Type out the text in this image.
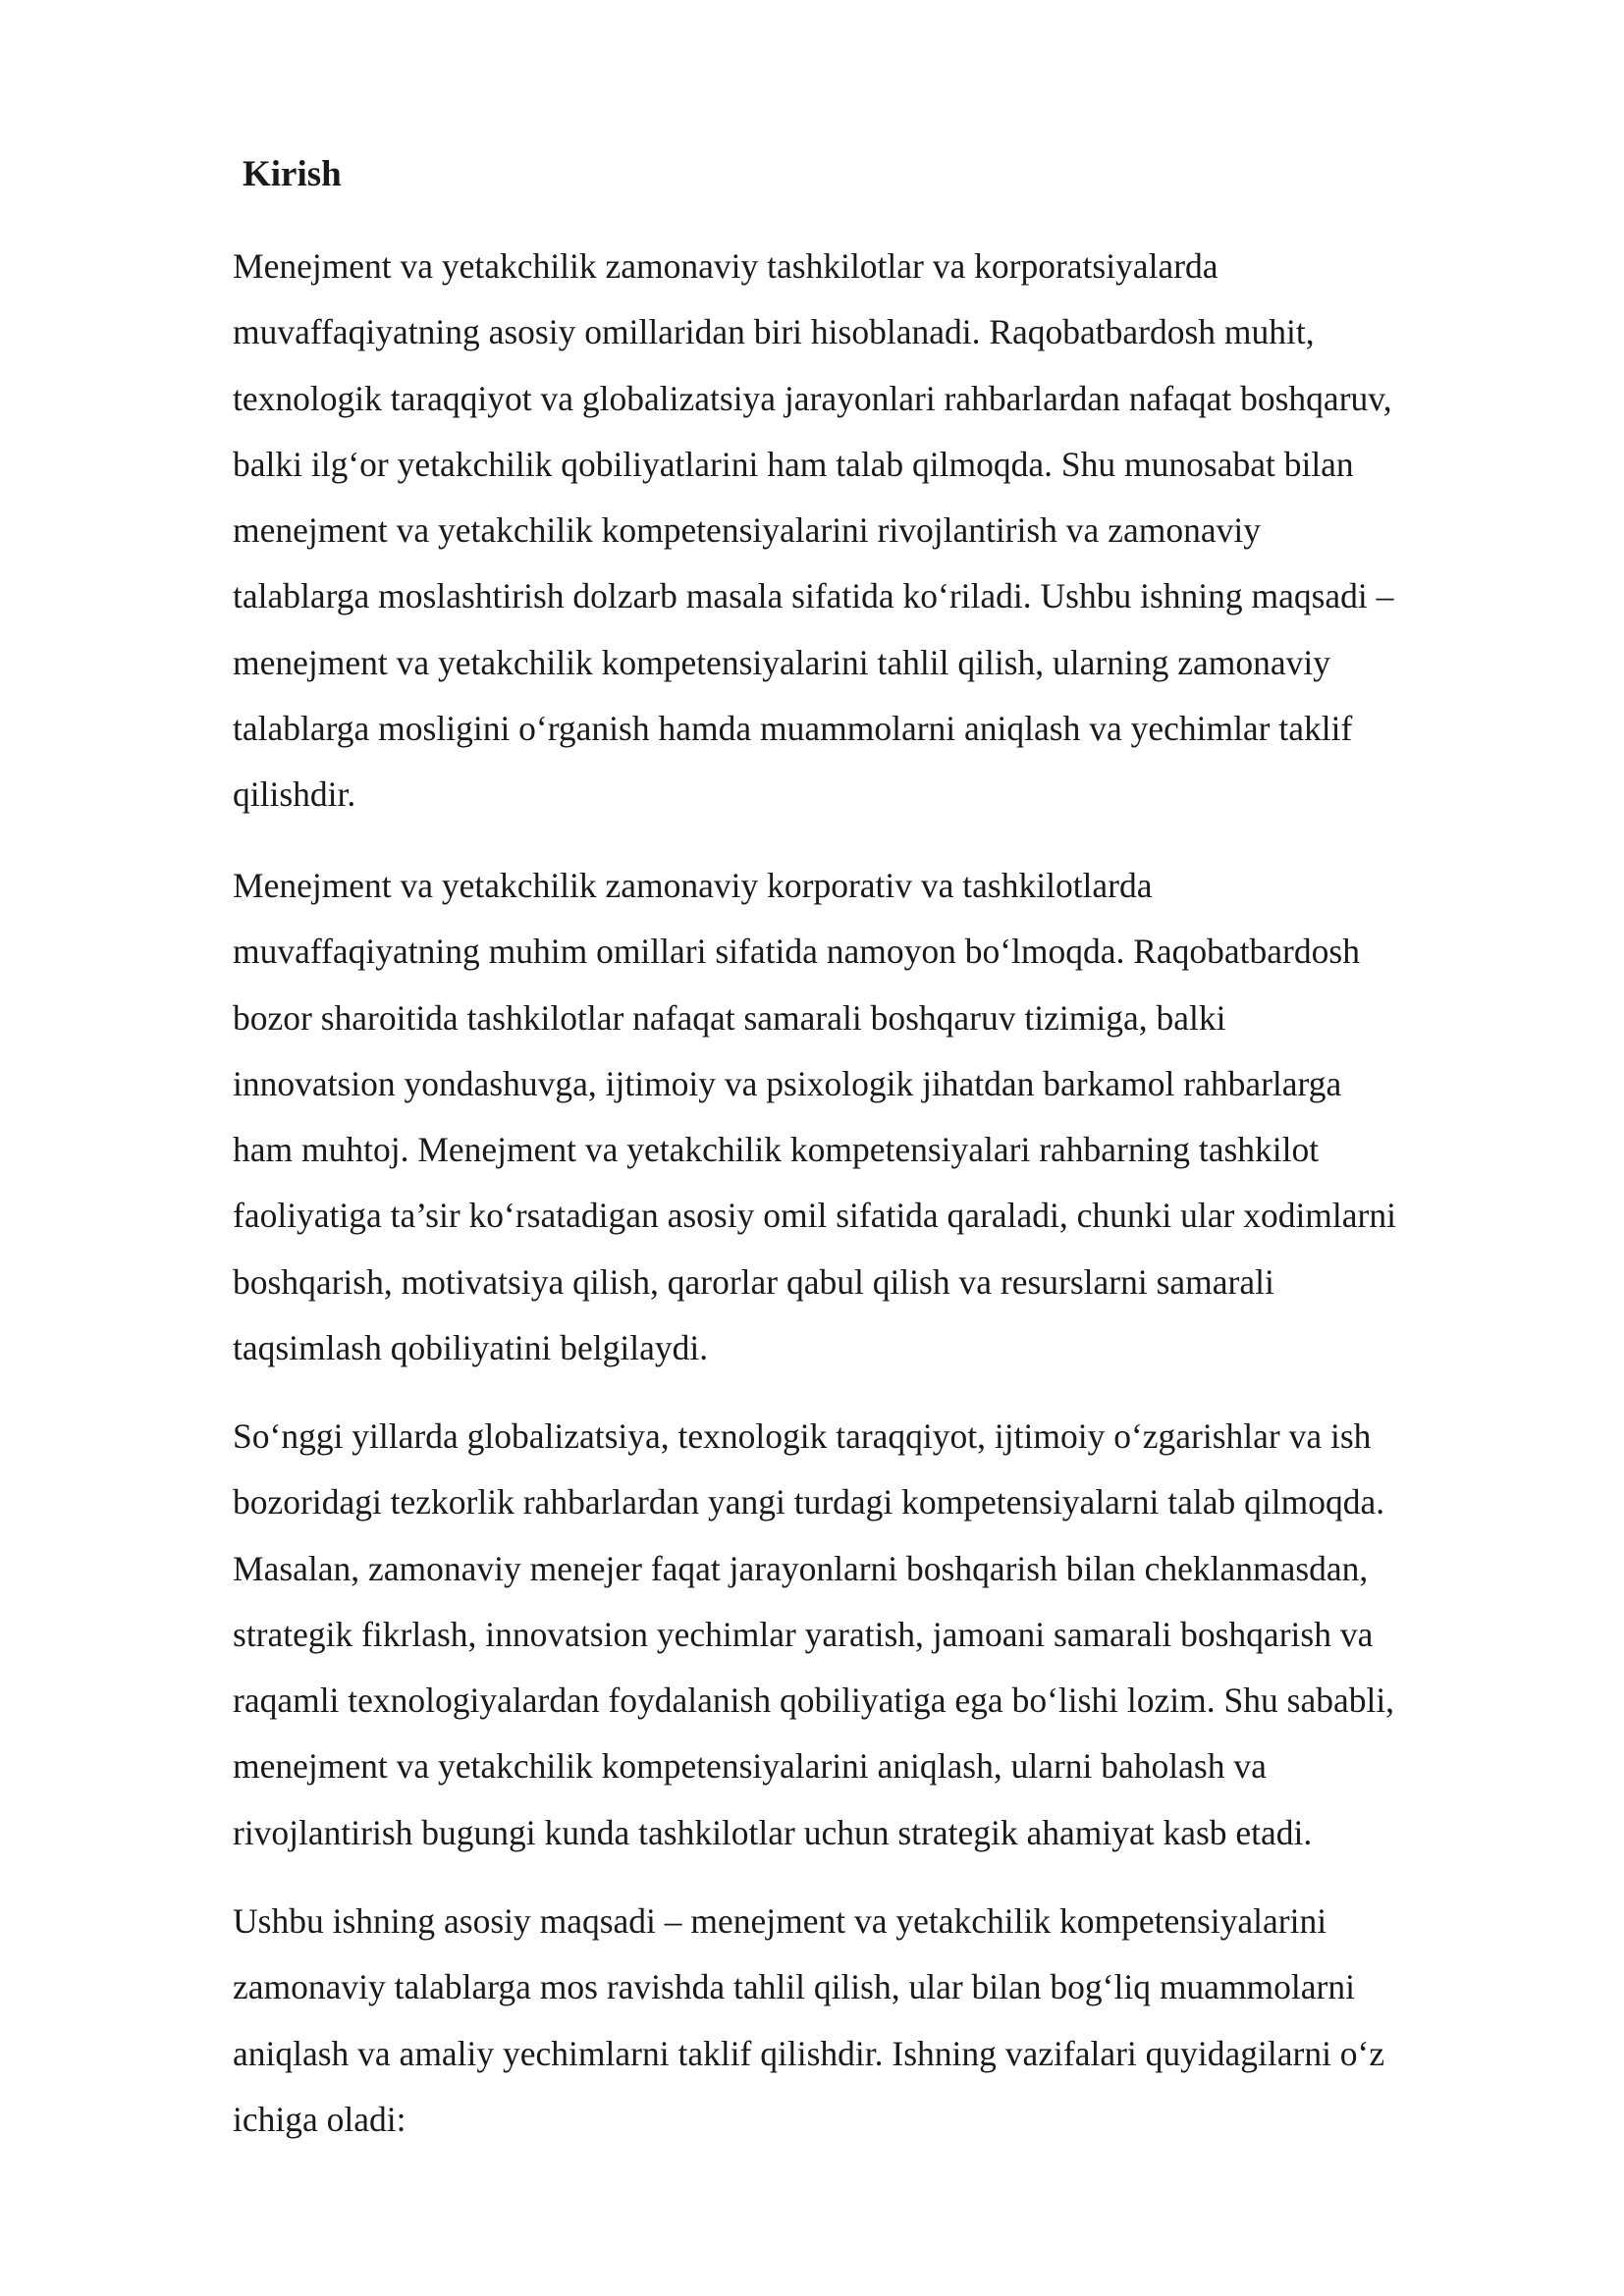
Kirish
Menejment va yetakchilik zamonaviy tashkilotlar va korporatsiyalarda
muvaffaqiyatning asosiy omillaridan biri hisoblanadi. Raqobatbardosh muhit,
texnologik taraqqiyot va globalizatsiya jarayonlari rahbarlardan nafaqat boshqaruv,
balki ilg‘or yetakchilik qobiliyatlarini ham talab qilmoqda. Shu munosabat bilan
menejment va yetakchilik kompetensiyalarini rivojlantirish va zamonaviy
talablarga moslashtirish dolzarb masala sifatida ko‘riladi. Ushbu ishning maqsadi –
menejment va yetakchilik kompetensiyalarini tahlil qilish, ularning zamonaviy
talablarga mosligini o‘rganish hamda muammolarni aniqlash va yechimlar taklif
qilishdir.
Menejment va yetakchilik zamonaviy korporativ va tashkilotlarda
muvaffaqiyatning muhim omillari sifatida namoyon bo‘lmoqda. Raqobatbardosh
bozor sharoitida tashkilotlar nafaqat samarali boshqaruv tizimiga, balki
innovatsion yondashuvga, ijtimoiy va psixologik jihatdan barkamol rahbarlarga
ham muhtoj. Menejment va yetakchilik kompetensiyalari rahbarning tashkilot
faoliyatiga ta’sir ko‘rsatadigan asosiy omil sifatida qaraladi, chunki ular xodimlarni
boshqarish, motivatsiya qilish, qarorlar qabul qilish va resurslarni samarali
taqsimlash qobiliyatini belgilaydi.
So‘nggi yillarda globalizatsiya, texnologik taraqqiyot, ijtimoiy o‘zgarishlar va ish
bozoridagi tezkorlik rahbarlardan yangi turdagi kompetensiyalarni talab qilmoqda.
Masalan, zamonaviy menejer faqat jarayonlarni boshqarish bilan cheklanmasdan,
strategik fikrlash, innovatsion yechimlar yaratish, jamoani samarali boshqarish va
raqamli texnologiyalardan foydalanish qobiliyatiga ega bo‘lishi lozim. Shu sababli,
menejment va yetakchilik kompetensiyalarini aniqlash, ularni baholash va
rivojlantirish bugungi kunda tashkilotlar uchun strategik ahamiyat kasb etadi.
Ushbu ishning asosiy maqsadi – menejment va yetakchilik kompetensiyalarini
zamonaviy talablarga mos ravishda tahlil qilish, ular bilan bog‘liq muammolarni
aniqlash va amaliy yechimlarni taklif qilishdir. Ishning vazifalari quyidagilarni o‘z
ichiga oladi:
